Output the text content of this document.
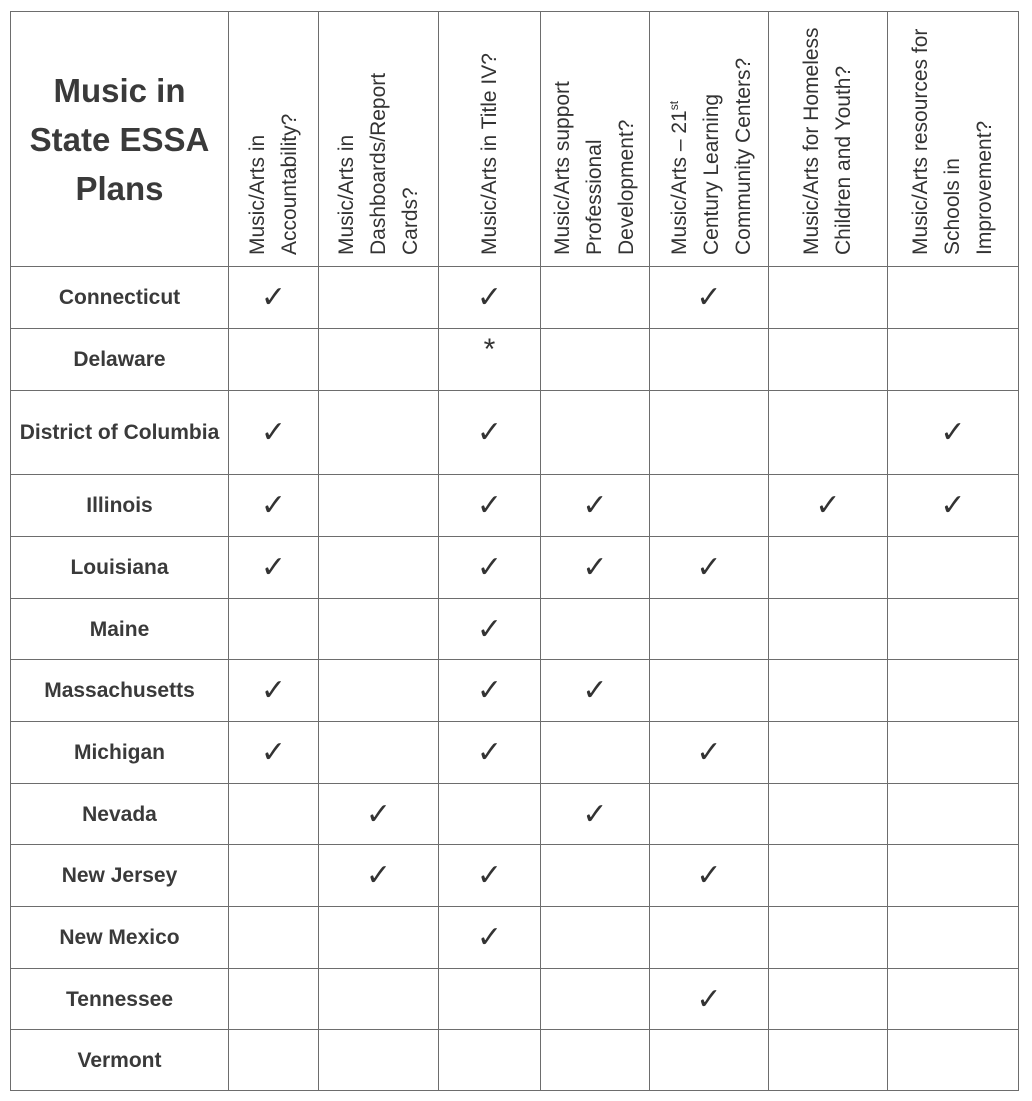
Music in State ESSA Plans	Music/Arts in Accountability?	Music/Arts in Dashboards/Report Cards?	Music/Arts in Title IV?	Music/Arts support Professional Development?	Music/Arts – 21st Century Learning Community Centers?	Music/Arts for Homeless Children and Youth?	Music/Arts resources for Schools in Improvement?

Connecticut	✓		✓		✓		
Delaware			*				
District of Columbia	✓		✓				✓
Illinois	✓		✓	✓		✓	✓
Louisiana	✓		✓	✓	✓		
Maine			✓				
Massachusetts	✓		✓	✓			
Michigan	✓		✓		✓		
Nevada		✓		✓			
New Jersey		✓	✓		✓		
New Mexico			✓				
Tennessee					✓		
Vermont							
